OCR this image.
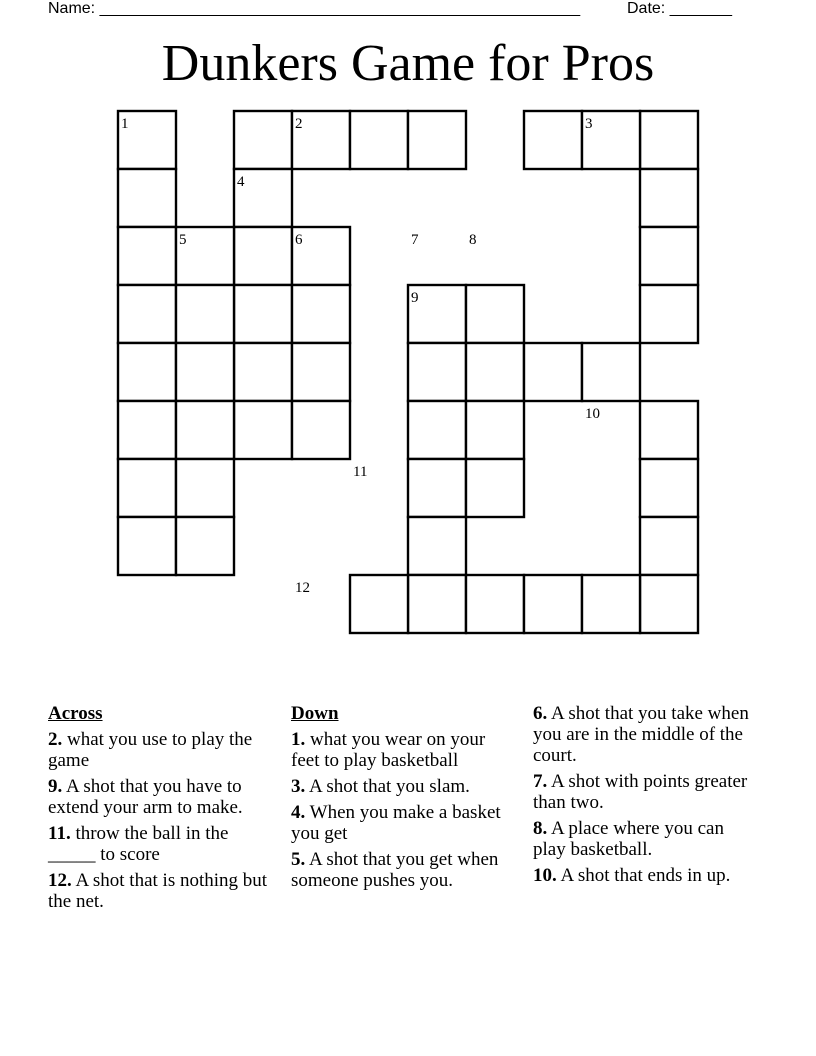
Name: ______________________________________________________	Date: _______
Dunkers Game for Pros
1	2	3
4
5	6	7	8
9
10
11
12
Across
2. what you use to play the game
9. A shot that you have to extend your arm to make.
11. throw the ball in the _____ to score
12. A shot that is nothing but the net.
Down
1. what you wear on your feet to play basketball
3. A shot that you slam.
4. When you make a basket you get
5. A shot that you get when someone pushes you.
6. A shot that you take when you are in the middle of the court.
7. A shot with points greater than two.
8. A place where you can play basketball.
10. A shot that ends in up.
